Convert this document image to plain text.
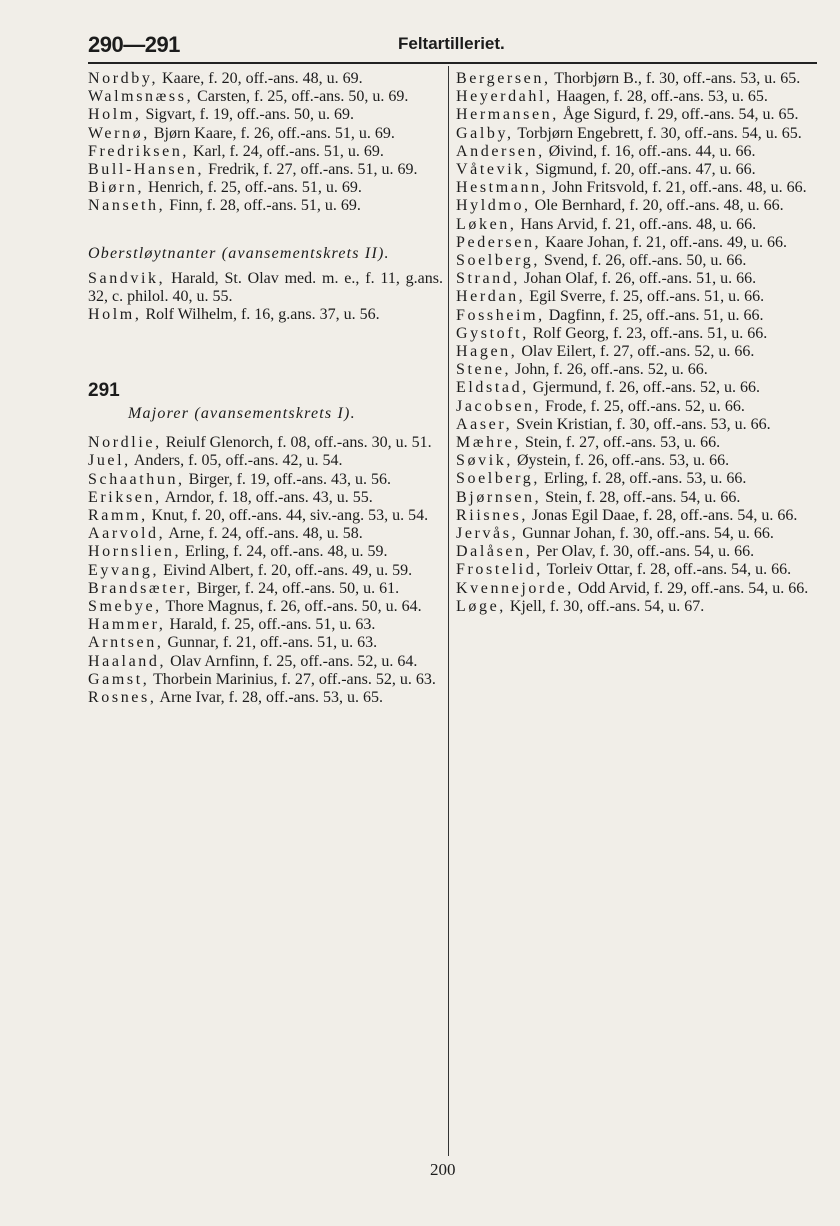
290—291	Feltartilleriet.

Nordby, Kaare, f. 20, off.-ans. 48, u. 69.

Walmsnæss, Carsten, f. 25, off.-ans. 50, u. 69.

Holm, Sigvart, f. 19, off.-ans. 50, u. 69.

Wernø, Bjørn Kaare, f. 26, off.-ans. 51, u. 69.

Fredriksen, Karl, f. 24, off.-ans. 51, u. 69.

Bull-Hansen, Fredrik, f. 27, off.-ans. 51, u. 69.

Biørn, Henrich, f. 25, off.-ans. 51, u. 69.

Nanseth, Finn, f. 28, off.-ans. 51, u. 69.

Oberstløytnanter (avansementskrets II).

Sandvik, Harald, St. Olav med. m. e., f. 11, g.ans. 32, c. philol. 40, u. 55.

Holm, Rolf Wilhelm, f. 16, g.ans. 37, u. 56.

291

Majorer (avansementskrets I).

Nordlie, Reiulf Glenorch, f. 08, off.-ans. 30, u. 51.

Juel, Anders, f. 05, off.-ans. 42, u. 54.

Schaathun, Birger, f. 19, off.-ans. 43, u. 56.

Eriksen, Arndor, f. 18, off.-ans. 43, u. 55.

Ramm, Knut, f. 20, off.-ans. 44, siv.-ang. 53, u. 54.

Aarvold, Arne, f. 24, off.-ans. 48, u. 58.

Hornslien, Erling, f. 24, off.-ans. 48, u. 59.

Eyvang, Eivind Albert, f. 20, off.-ans. 49, u. 59.

Brandsæter, Birger, f. 24, off.-ans. 50, u. 61.

Smebye, Thore Magnus, f. 26, off.-ans. 50, u. 64.

Hammer, Harald, f. 25, off.-ans. 51, u. 63.

Arntsen, Gunnar, f. 21, off.-ans. 51, u. 63.

Haaland, Olav Arnfinn, f. 25, off.-ans. 52, u. 64.

Gamst, Thorbein Marinius, f. 27, off.-ans. 52, u. 63.

Rosnes, Arne Ivar, f. 28, off.-ans. 53, u. 65.

Bergersen, Thorbjørn B., f. 30, off.-ans. 53, u. 65.

Heyerdahl, Haagen, f. 28, off.-ans. 53, u. 65.

Hermansen, Åge Sigurd, f. 29, off.-ans. 54, u. 65.

Galby, Torbjørn Engebrett, f. 30, off.-ans. 54, u. 65.

Andersen, Øivind, f. 16, off.-ans. 44, u. 66.

Våtevik, Sigmund, f. 20, off.-ans. 47, u. 66.

Hestmann, John Fritsvold, f. 21, off.-ans. 48, u. 66.

Hyldmo, Ole Bernhard, f. 20, off.-ans. 48, u. 66.

Løken, Hans Arvid, f. 21, off.-ans. 48, u. 66.

Pedersen, Kaare Johan, f. 21, off.-ans. 49, u. 66.

Soelberg, Svend, f. 26, off.-ans. 50, u. 66.

Strand, Johan Olaf, f. 26, off.-ans. 51, u. 66.

Herdan, Egil Sverre, f. 25, off.-ans. 51, u. 66.

Fossheim, Dagfinn, f. 25, off.-ans. 51, u. 66.

Gystoft, Rolf Georg, f. 23, off.-ans. 51, u. 66.

Hagen, Olav Eilert, f. 27, off.-ans. 52, u. 66.

Stene, John, f. 26, off.-ans. 52, u. 66.

Eldstad, Gjermund, f. 26, off.-ans. 52, u. 66.

Jacobsen, Frode, f. 25, off.-ans. 52, u. 66.

Aaser, Svein Kristian, f. 30, off.-ans. 53, u. 66.

Mæhre, Stein, f. 27, off.-ans. 53, u. 66.

Søvik, Øystein, f. 26, off.-ans. 53, u. 66.

Soelberg, Erling, f. 28, off.-ans. 53, u. 66.

Bjørnsen, Stein, f. 28, off.-ans. 54, u. 66.

Riisnes, Jonas Egil Daae, f. 28, off.-ans. 54, u. 66.

Jervås, Gunnar Johan, f. 30, off.-ans. 54, u. 66.

Dalåsen, Per Olav, f. 30, off.-ans. 54, u. 66.

Frostelid, Torleiv Ottar, f. 28, off.-ans. 54, u. 66.

Kvennejorde, Odd Arvid, f. 29, off.-ans. 54, u. 66.

Løge, Kjell, f. 30, off.-ans. 54, u. 67.

200
